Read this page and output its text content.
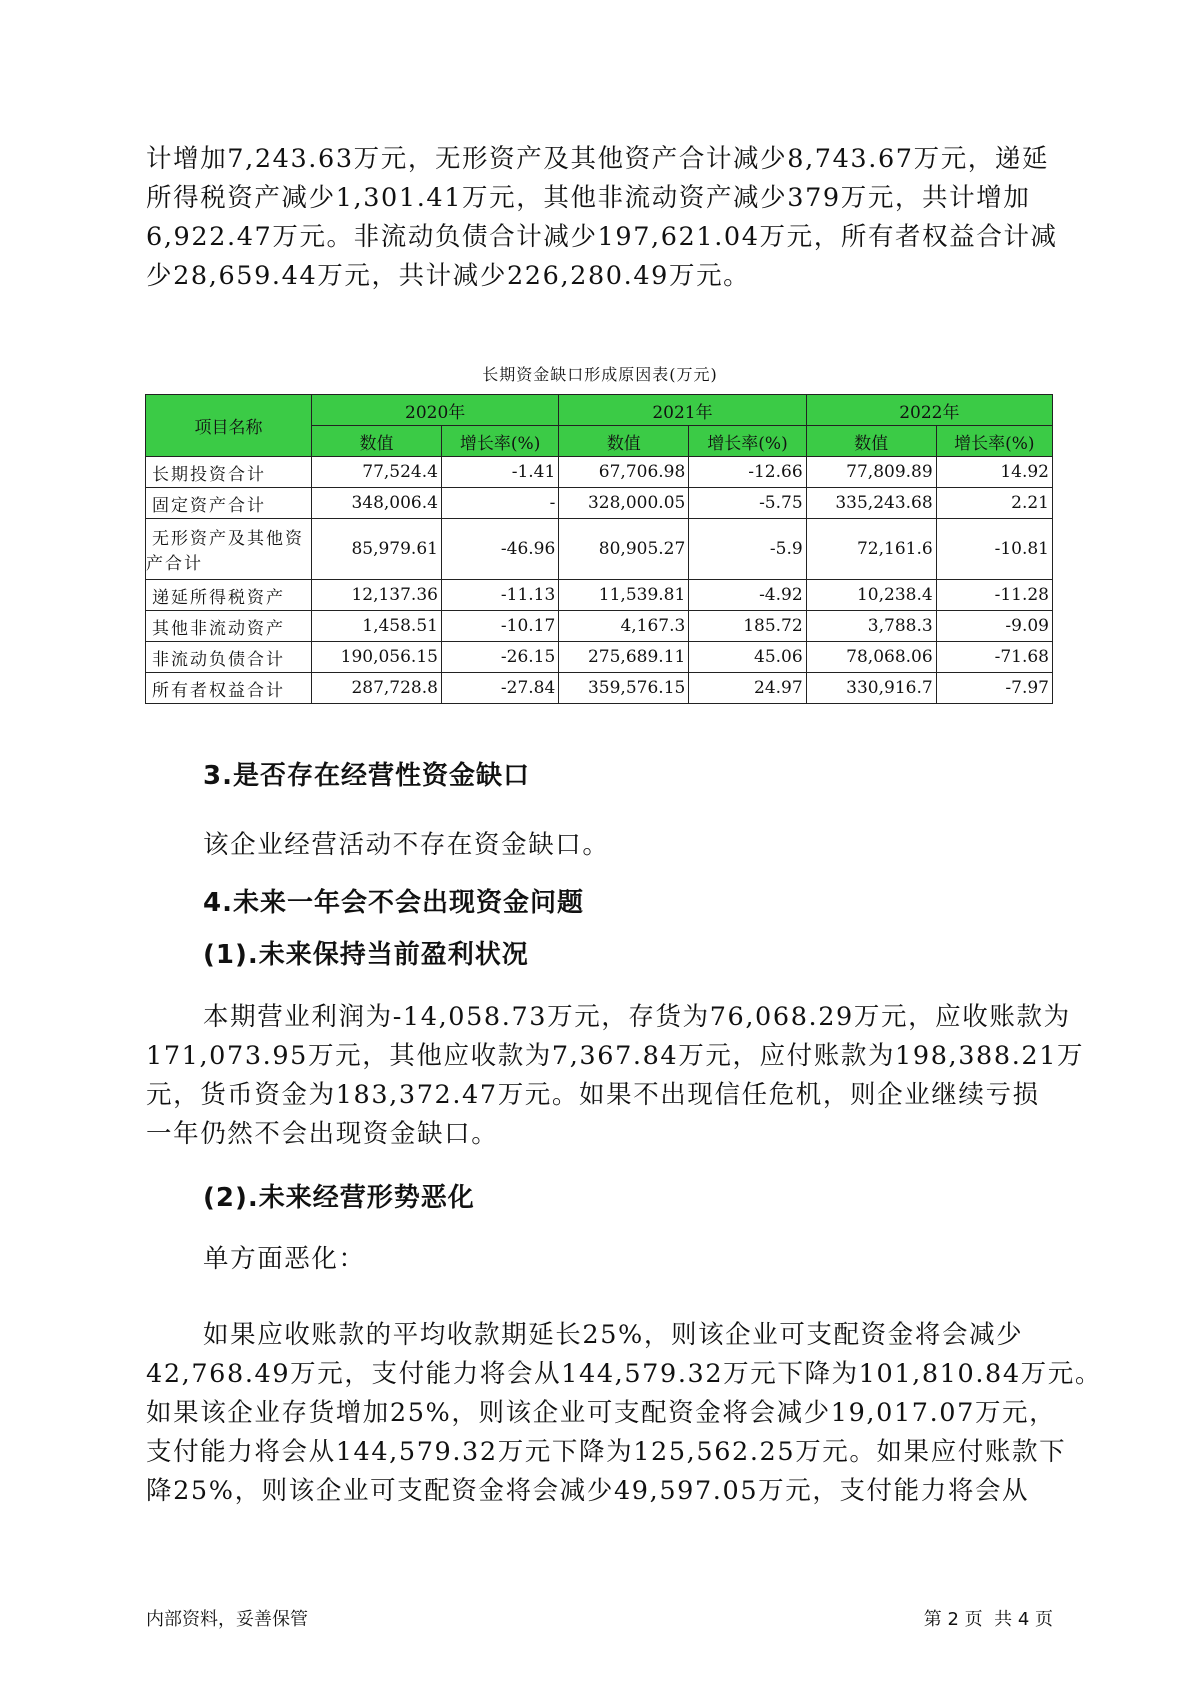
计增加7,243.63万元，无形资产及其他资产合计减少8,743.67万元，递延
所得税资产减少1,301.41万元，其他非流动资产减少379万元，共计增加
6,922.47万元。非流动负债合计减少197,621.04万元，所有者权益合计减
少28,659.44万元，共计减少226,280.49万元。
长期资金缺口形成原因表(万元)
项目名称	2020年		2021年		2022年	
	数值	增长率(%)	数值	增长率(%)	数值	增长率(%)
长期投资合计	77,524.4	-1.41	67,706.98	-12.66	77,809.89	14.92
固定资产合计	348,006.4	-	328,000.05	-5.75	335,243.68	2.21

无形资产及其他资
产合计	85,979.61	-46.96	80,905.27	-5.9	72,161.6	-10.81
递延所得税资产	12,137.36	-11.13	11,539.81	-4.92	10,238.4	-11.28
其他非流动资产	1,458.51	-10.17	4,167.3	185.72	3,788.3	-9.09
非流动负债合计	190,056.15	-26.15	275,689.11	45.06	78,068.06	-71.68
所有者权益合计	287,728.8	-27.84	359,576.15	24.97	330,916.7	-7.97
3.是否存在经营性资金缺口
该企业经营活动不存在资金缺口。
4.未来一年会不会出现资金问题
(1).未来保持当前盈利状况
本期营业利润为-14,058.73万元，存货为76,068.29万元，应收账款为
171,073.95万元，其他应收款为7,367.84万元，应付账款为198,388.21万
元，货币资金为183,372.47万元。如果不出现信任危机，则企业继续亏损
一年仍然不会出现资金缺口。
(2).未来经营形势恶化
单方面恶化：
如果应收账款的平均收款期延长25%，则该企业可支配资金将会减少
42,768.49万元，支付能力将会从144,579.32万元下降为101,810.84万元。
如果该企业存货增加25%，则该企业可支配资金将会减少19,017.07万元，
支付能力将会从144,579.32万元下降为125,562.25万元。如果应付账款下
降25%，则该企业可支配资金将会减少49,597.05万元，支付能力将会从
内部资料，妥善保管	第 2 页  共 4 页
